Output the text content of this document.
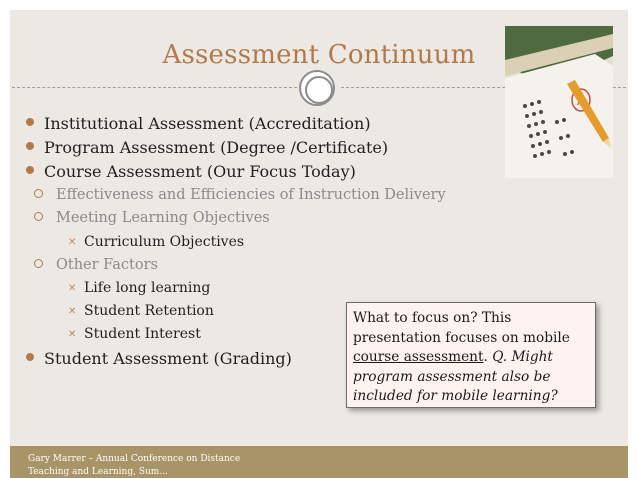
Assessment Continuum
Institutional Assessment (Accreditation)
Program Assessment (Degree /Certificate)
Course Assessment (Our Focus Today)
Effectiveness and Efficiencies of Instruction Delivery
Meeting Learning Objectives
✕ Curriculum Objectives
Other Factors
✕ Life long learning
✕ Student Retention
✕ Student Interest
Student Assessment (Grading)
What to focus on? This presentation focuses on mobile course assessment. Q. Might program assessment also be included for mobile learning?
Gary Marrer – Annual Conference on Distance Teaching and Learning, Sum...
